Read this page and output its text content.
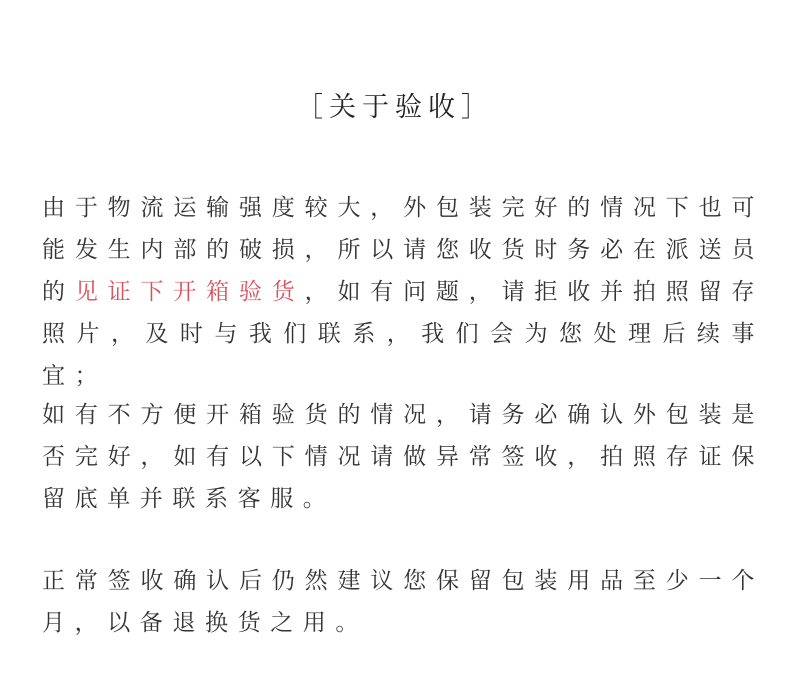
［关于验收］

由于物流运输强度较大，外包装完好的情况下也可能发生内部的破损，所以请您收货时务必在派送员的见证下开箱验货，如有问题，请拒收并拍照留存照片，及时与我们联系，我们会为您处理后续事宜；

如有不方便开箱验货的情况，请务必确认外包装是否完好，如有以下情况请做异常签收，拍照存证保留底单并联系客服。

正常签收确认后仍然建议您保留包装用品至少一个月，以备退换货之用。
